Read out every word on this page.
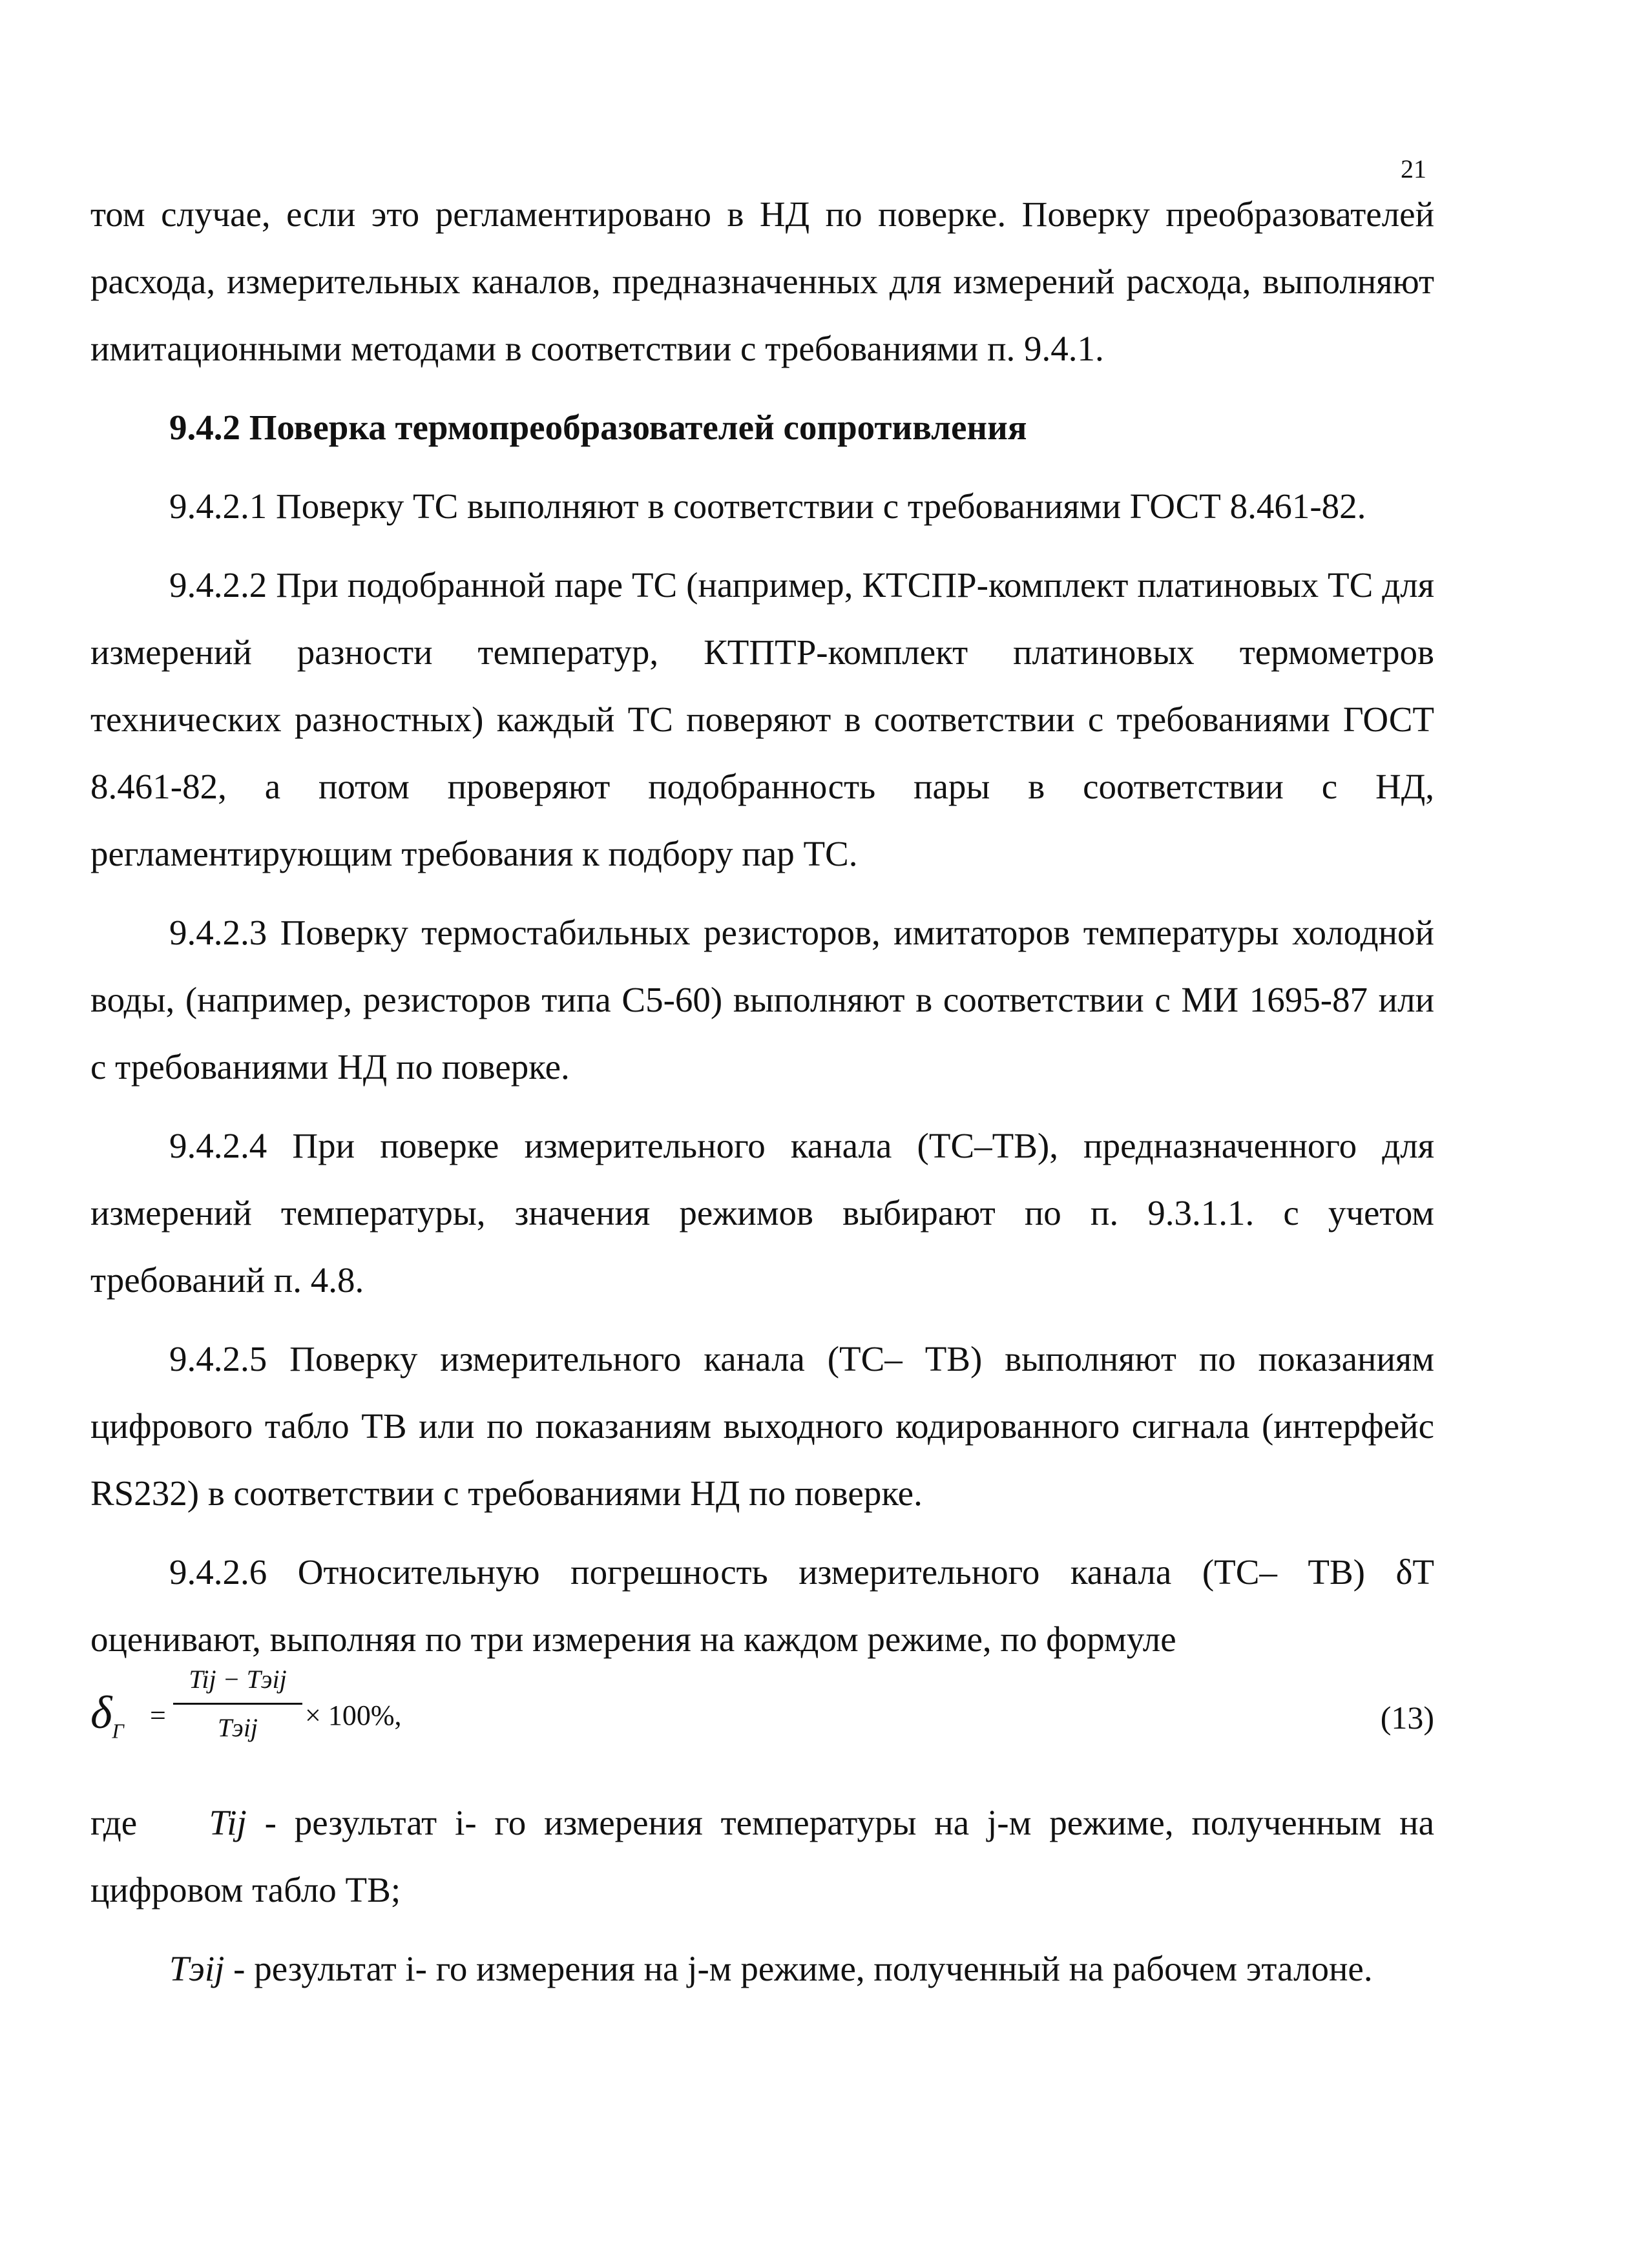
21

том случае, если это регламентировано в НД по поверке. Поверку преобразователей расхода, измерительных каналов, предназначенных для измерений расхода, выполняют имитационными методами в соответствии с требованиями п. 9.4.1.

9.4.2 Поверка термопреобразователей сопротивления

9.4.2.1 Поверку ТС выполняют в соответствии с требованиями ГОСТ 8.461-82.

9.4.2.2 При подобранной паре ТС (например, КТСПР-комплект платиновых ТС для измерений разности температур, КТПТР-комплект платиновых термометров технических разностных) каждый ТС поверяют в соответствии с требованиями ГОСТ 8.461-82, а потом проверяют подобранность пары в соответствии с НД, регламентирующим требования к подбору пар ТС.

9.4.2.3 Поверку термостабильных резисторов, имитаторов температуры холодной воды, (например, резисторов типа С5-60) выполняют в соответствии с МИ 1695-87 или с требованиями НД по поверке.

9.4.2.4 При поверке измерительного канала (ТС–ТВ), предназначенного для измерений температуры, значения режимов выбирают по п. 9.3.1.1. с учетом требований п. 4.8.

9.4.2.5 Поверку измерительного канала (ТС– ТВ) выполняют по показаниям цифрового табло ТВ или по показаниям выходного кодированного сигнала (интерфейс RS232) в соответствии с требованиями НД по поверке.

9.4.2.6 Относительную погрешность измерительного канала (ТС– ТВ) δT оценивают, выполняя по три измерения на каждом режиме, по формуле

$\delta_Г$ =
Tij − Tэij
Tэij	× 100%,	(13)

где Tij - результат i- го измерения температуры на j-м режиме, полученным на цифровом табло ТВ;

Tэij - результат i- го измерения на j-м режиме, полученный на рабочем эталоне.
